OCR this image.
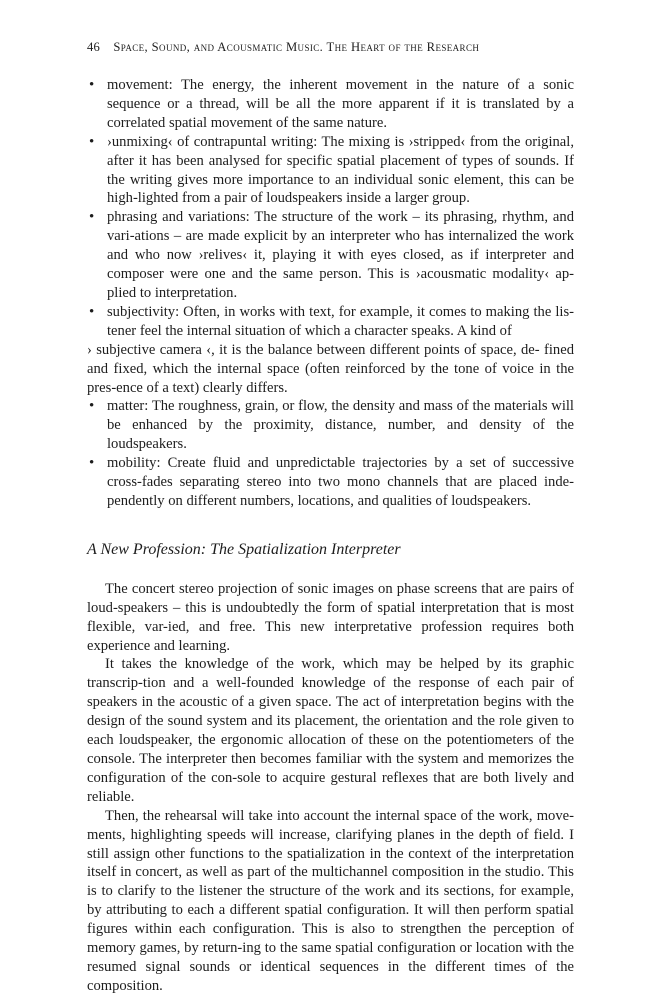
46 Space, Sound, and Acousmatic Music. The Heart of the Research
• movement: The energy, the inherent movement in the nature of a sonic sequence or a thread, will be all the more apparent if it is translated by a correlated spatial movement of the same nature.
• ›unmixing‹ of contrapuntal writing: The mixing is ›stripped‹ from the original, after it has been analysed for specific spatial placement of types of sounds. If the writing gives more importance to an individual sonic element, this can be high-lighted from a pair of loudspeakers inside a larger group.
• phrasing and variations: The structure of the work – its phrasing, rhythm, and vari-ations – are made explicit by an interpreter who has internalized the work and who now ›relives‹ it, playing it with eyes closed, as if interpreter and composer were one and the same person. This is ›acousmatic modality‹ ap- plied to interpretation.
• subjectivity: Often, in works with text, for example, it comes to making the lis-tener feel the internal situation of which a character speaks. A kind of
› subjective camera ‹, it is the balance between different points of space, de- fined and fixed, which the internal space (often reinforced by the tone of voice in the pres-ence of a text) clearly differs.
• matter: The roughness, grain, or flow, the density and mass of the materials will be enhanced by the proximity, distance, number, and density of the loudspeakers.
• mobility: Create fluid and unpredictable trajectories by a set of successive cross-fades separating stereo into two mono channels that are placed inde- pendently on different numbers, locations, and qualities of loudspeakers.
A New Profession: The Spatialization Interpreter

The concert stereo projection of sonic images on phase screens that are pairs of loud-speakers – this is undoubtedly the form of spatial interpretation that is most flexible, var-ied, and free. This new interpretative profession requires both experience and learning.

It takes the knowledge of the work, which may be helped by its graphic transcrip-tion and a well-founded knowledge of the response of each pair of speakers in the acoustic of a given space. The act of interpretation begins with the design of the sound system and its placement, the orientation and the role given to each loudspeaker, the ergonomic allocation of these on the potentiometers of the console. The interpreter then becomes familiar with the system and memorizes the configuration of the con-sole to acquire gestural reflexes that are both lively and reliable.

Then, the rehearsal will take into account the internal space of the work, move-ments, highlighting speeds will increase, clarifying planes in the depth of field. I still assign other functions to the spatialization in the context of the interpretation itself in concert, as well as part of the multichannel composition in the studio. This is to clarify to the listener the structure of the work and its sections, for example, by attributing to each a different spatial configuration. It will then perform spatial figures within each configuration. This is also to strengthen the perception of memory games, by return-ing to the same spatial configuration or location with the resumed signal sounds or identical sequences in the different times of the composition.
